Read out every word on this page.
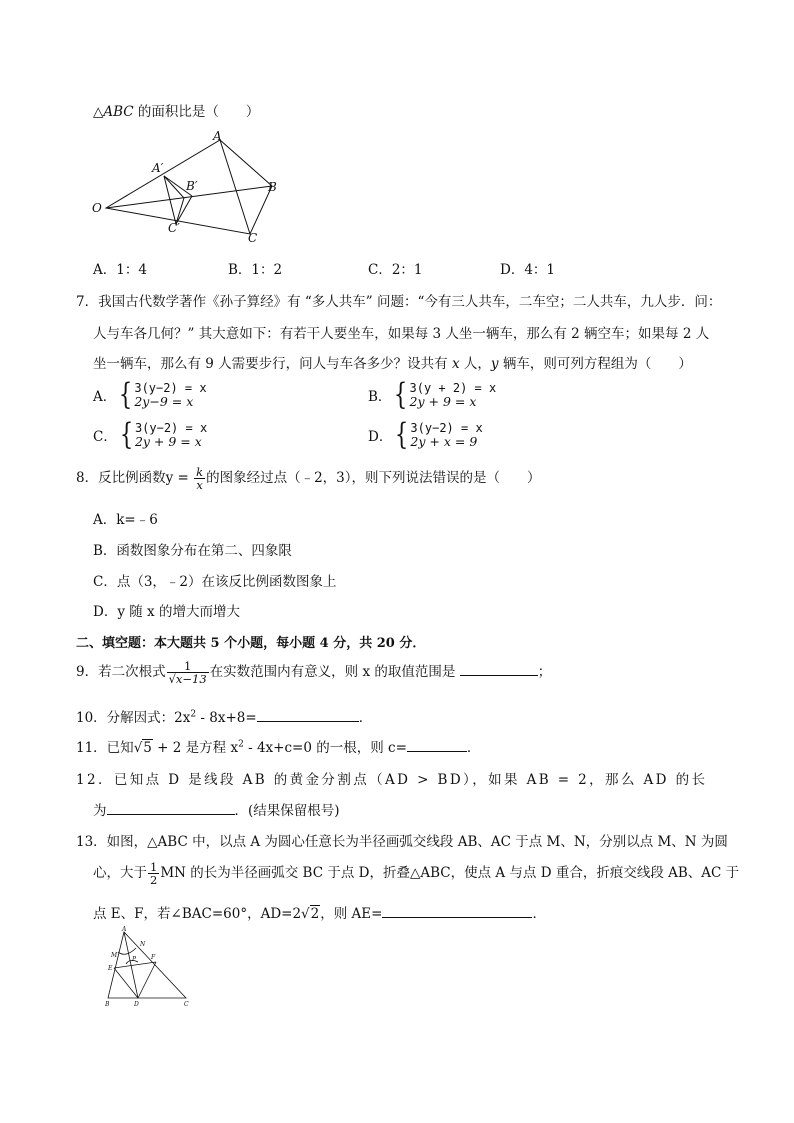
△ABC 的面积比是（　　）
A
A′
B′	B
O
C′
C
A．1：4	B．1：2	C．2：1	D．4：1
7．我国古代数学著作《孙子算经》有 “多人共车” 问题：“今有三人共车，二车空；二人共车，九人步．问：
人与车各几何？” 其大意如下：有若干人要坐车，如果每 3 人坐一辆车，那么有 2 辆空车；如果每 2 人
坐一辆车，那么有 9 人需要步行，问人与车各多少？设共有 x 人，y 辆车，则可列方程组为（　　）
A． { 3(y−2) = x
2y−9 = x	B． { 3(y + 2) = x
2y + 9 = x
C． { 3(y−2) = x
2y + 9 = x	D． { 3(y−2) = x
2y + x = 9
8．反比例函数$y = \frac{k}{x}$ 的图象经过点（﹣2，3），则下列说法错误的是（　　）
A．k=﹣6
B．函数图象分布在第二、四象限
C．点（3，﹣2）在该反比例函数图象上
D．y 随 x 的增大而增大
二、填空题：本大题共 5 个小题，每小题 4 分，共 20 分．
9．若二次根式 $\frac{1}{√x-13}$ 在实数范围内有意义，则 x 的取值范围是	；
10．分解因式：$2x^2 - 8x+8=$	．
11．已知√ 5 + 2 是方程 $x^2 - 4x+c=0$ 的一根，则 c=	．
12．已知点 D 是线段 AB 的黄金分割点（AD > BD），如果 AB = 2，那么 AD 的长
为	．(结果保留根号)
13．如图，△ABC 中，以点 A 为圆心任意长为半径画弧交线段 AB、AC 于点 M、N，分别以点 M、N 为圆
心，大于 $\frac{1}{2}$ MN 的长为半径画弧交 BC 于点 D，折叠△ABC，使点 A 与点 D 重合，折痕交线段 AB、AC 于
点 E、F，若∠BAC=60°，AD=2√ 2 ，则 AE=	．
A
M
N
P
E
F
B	D	C
